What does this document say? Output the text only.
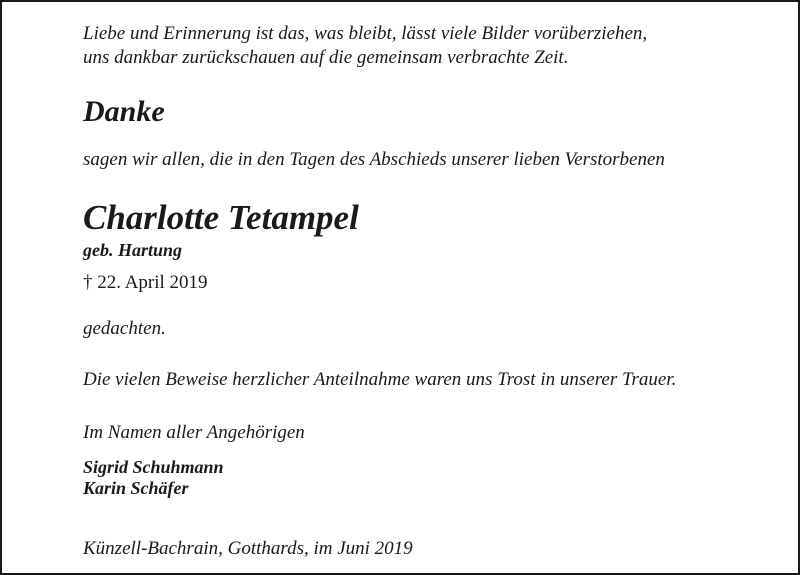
Liebe und Erinnerung ist das, was bleibt, lässt viele Bilder vorüberziehen,
uns dankbar zurückschauen auf die gemeinsam verbrachte Zeit.

Danke

sagen wir allen, die in den Tagen des Abschieds unserer lieben Verstorbenen

Charlotte Tetampel

geb. Hartung

† 22. April 2019

gedachten.

Die vielen Beweise herzlicher Anteilnahme waren uns Trost in unserer Trauer.

Im Namen aller Angehörigen

Sigrid Schuhmann

Karin Schäfer

Künzell-Bachrain, Gotthards, im Juni 2019
